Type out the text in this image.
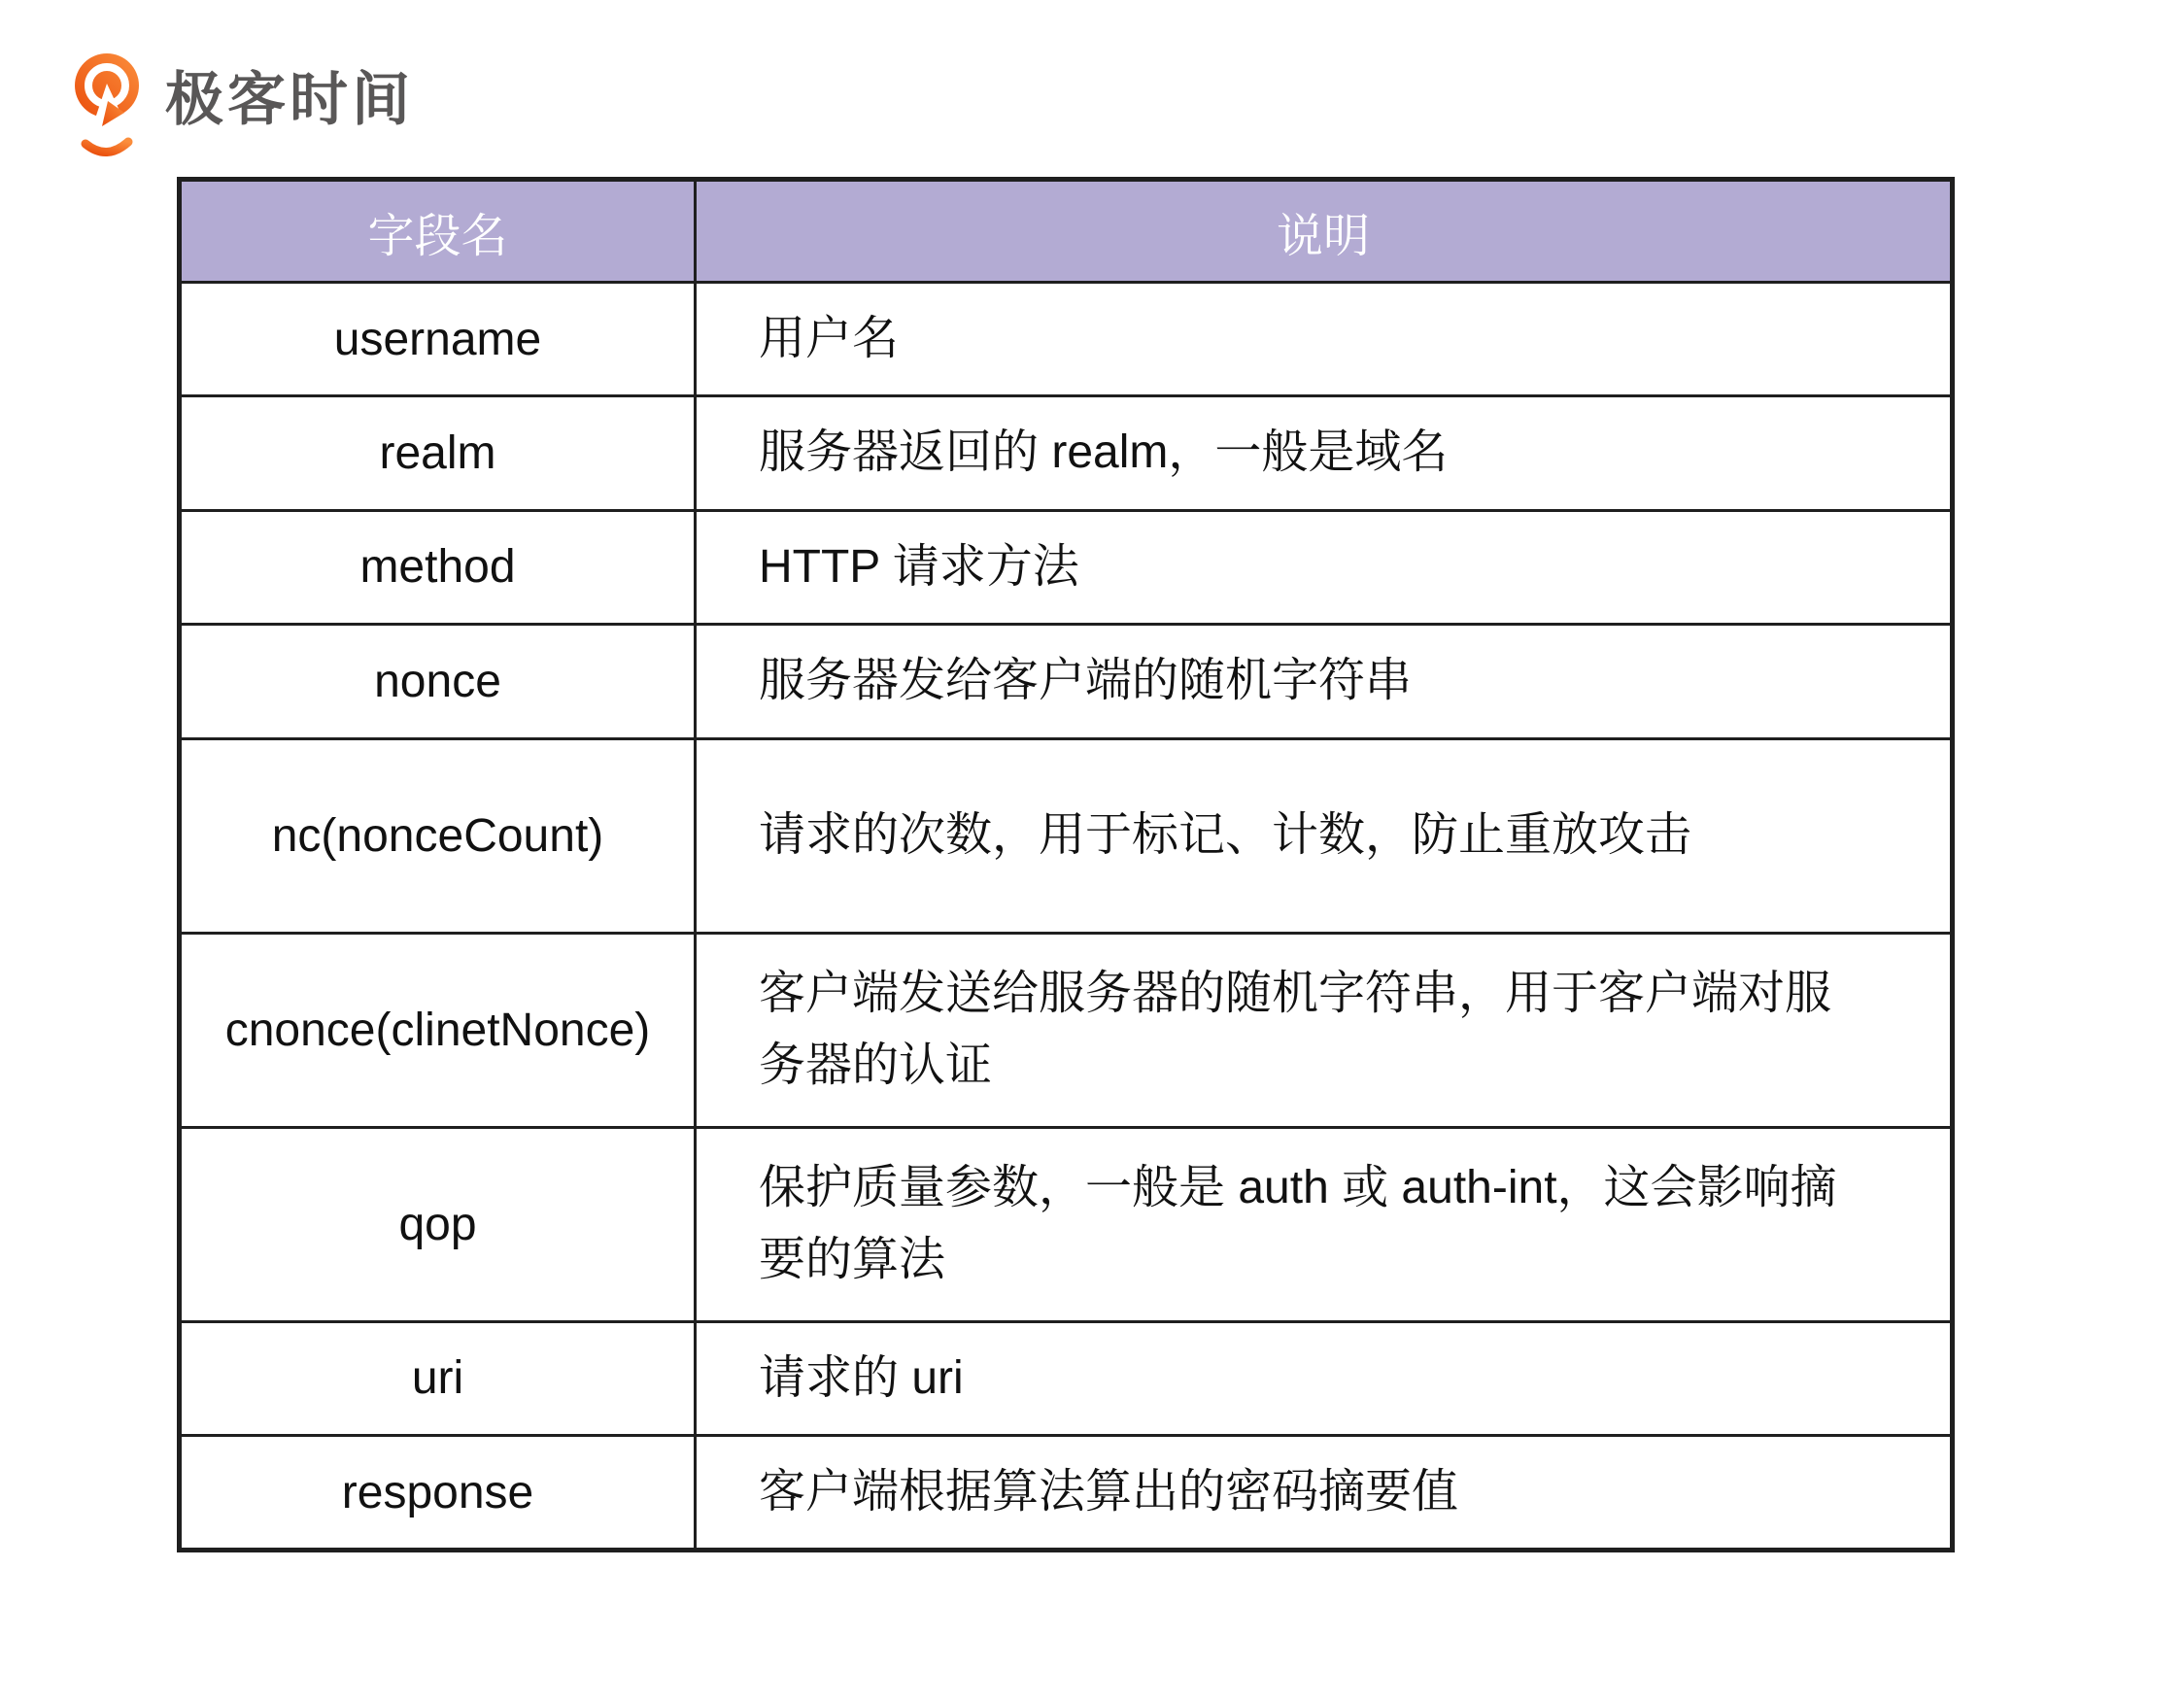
极客时间
字段名	说明
username	用户名
realm	服务器返回的 realm，一般是域名
method	HTTP 请求方法
nonce	服务器发给客户端的随机字符串
nc(nonceCount)	请求的次数，用于标记、计数，防止重放攻击
cnonce(clinetNonce)	客户端发送给服务器的随机字符串，用于客户端对服务器的认证
qop	保护质量参数，一般是 auth 或 auth-int，这会影响摘要的算法
uri	请求的 uri
response	客户端根据算法算出的密码摘要值
